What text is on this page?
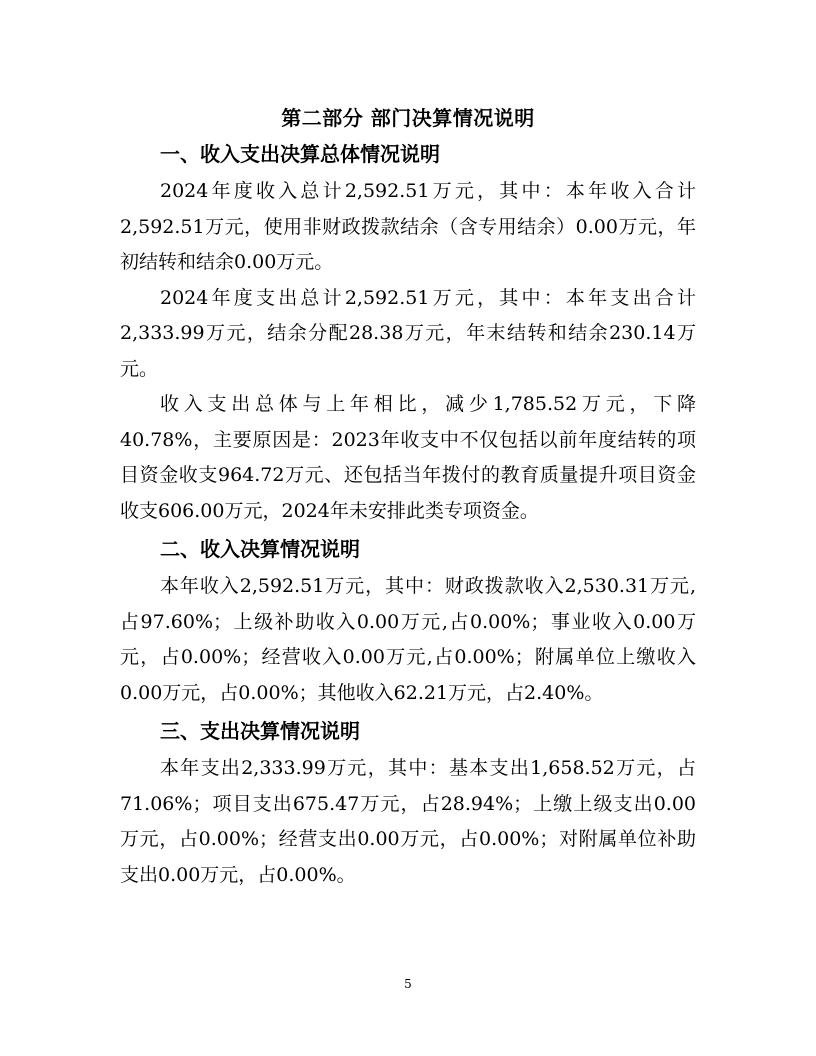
第二部分 部门决算情况说明
一、收入支出决算总体情况说明

2024年度收入总计2,592.51万元，其中：本年收入合计2,592.51万元，使用非财政拨款结余（含专用结余）0.00万元，年初结转和结余0.00万元。

2024年度支出总计2,592.51万元，其中：本年支出合计2,333.99万元，结余分配28.38万元，年末结转和结余230.14万元。

收入支出总体与上年相比，减少1,785.52万元，下降40.78%，主要原因是：2023年收支中不仅包括以前年度结转的项目资金收支964.72万元、还包括当年拨付的教育质量提升项目资金收支606.00万元，2024年未安排此类专项资金。

二、收入决算情况说明

本年收入2,592.51万元，其中：财政拨款收入2,530.31万元,占97.60%；上级补助收入0.00万元,占0.00%；事业收入0.00万元，占0.00%；经营收入0.00万元,占0.00%；附属单位上缴收入0.00万元，占0.00%；其他收入62.21万元，占2.40%。

三、支出决算情况说明

本年支出2,333.99万元，其中：基本支出1,658.52万元，占71.06%；项目支出675.47万元，占28.94%；上缴上级支出0.00万元，占0.00%；经营支出0.00万元，占0.00%；对附属单位补助支出0.00万元，占0.00%。

5
